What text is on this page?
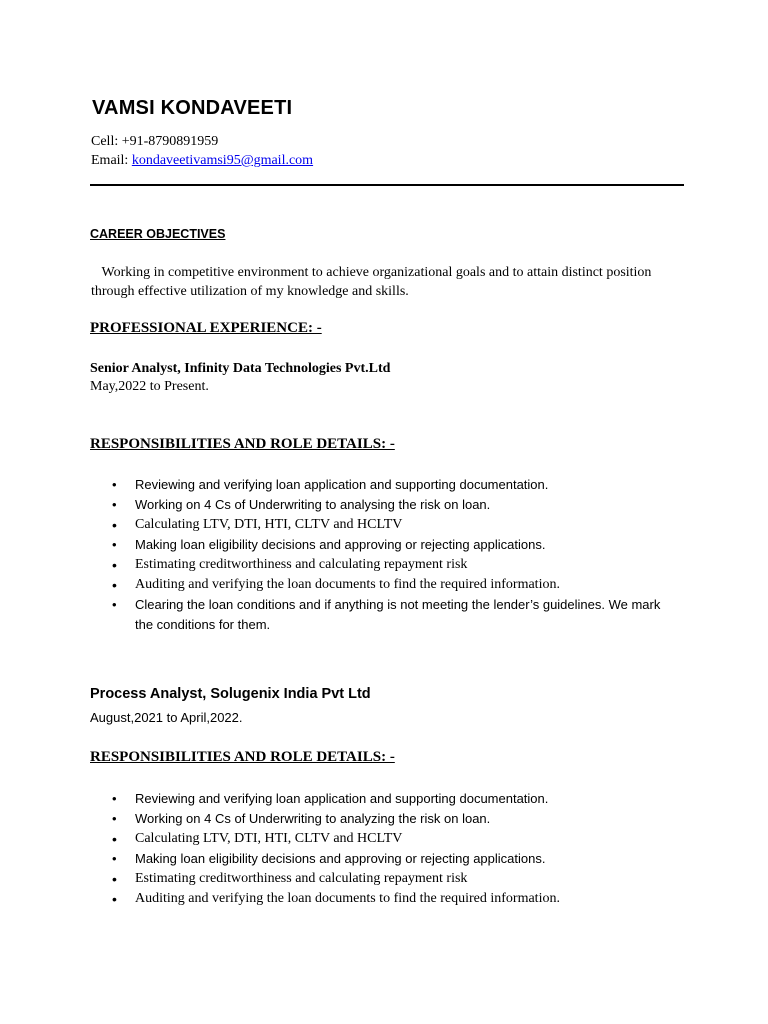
VAMSI KONDAVEETI
Cell: +91-8790891959
Email: kondaveetivamsi95@gmail.com
CAREER OBJECTIVES
Working in competitive environment to achieve organizational goals and to attain distinct position through effective utilization of my knowledge and skills.
PROFESSIONAL EXPERIENCE: -
Senior Analyst, Infinity Data Technologies Pvt.Ltd
May,2022 to Present.
RESPONSIBILITIES AND ROLE DETAILS: -
• Reviewing and verifying loan application and supporting documentation.
• Working on 4 Cs of Underwriting to analysing the risk on loan.
• Calculating LTV, DTI, HTI, CLTV and HCLTV
• Making loan eligibility decisions and approving or rejecting applications.
• Estimating creditworthiness and calculating repayment risk
• Auditing and verifying the loan documents to find the required information.
• Clearing the loan conditions and if anything is not meeting the lender’s guidelines. We mark the conditions for them.
Process Analyst, Solugenix India Pvt Ltd
August,2021 to April,2022.
RESPONSIBILITIES AND ROLE DETAILS: -
• Reviewing and verifying loan application and supporting documentation.
• Working on 4 Cs of Underwriting to analyzing the risk on loan.
• Calculating LTV, DTI, HTI, CLTV and HCLTV
• Making loan eligibility decisions and approving or rejecting applications.
• Estimating creditworthiness and calculating repayment risk
• Auditing and verifying the loan documents to find the required information.
